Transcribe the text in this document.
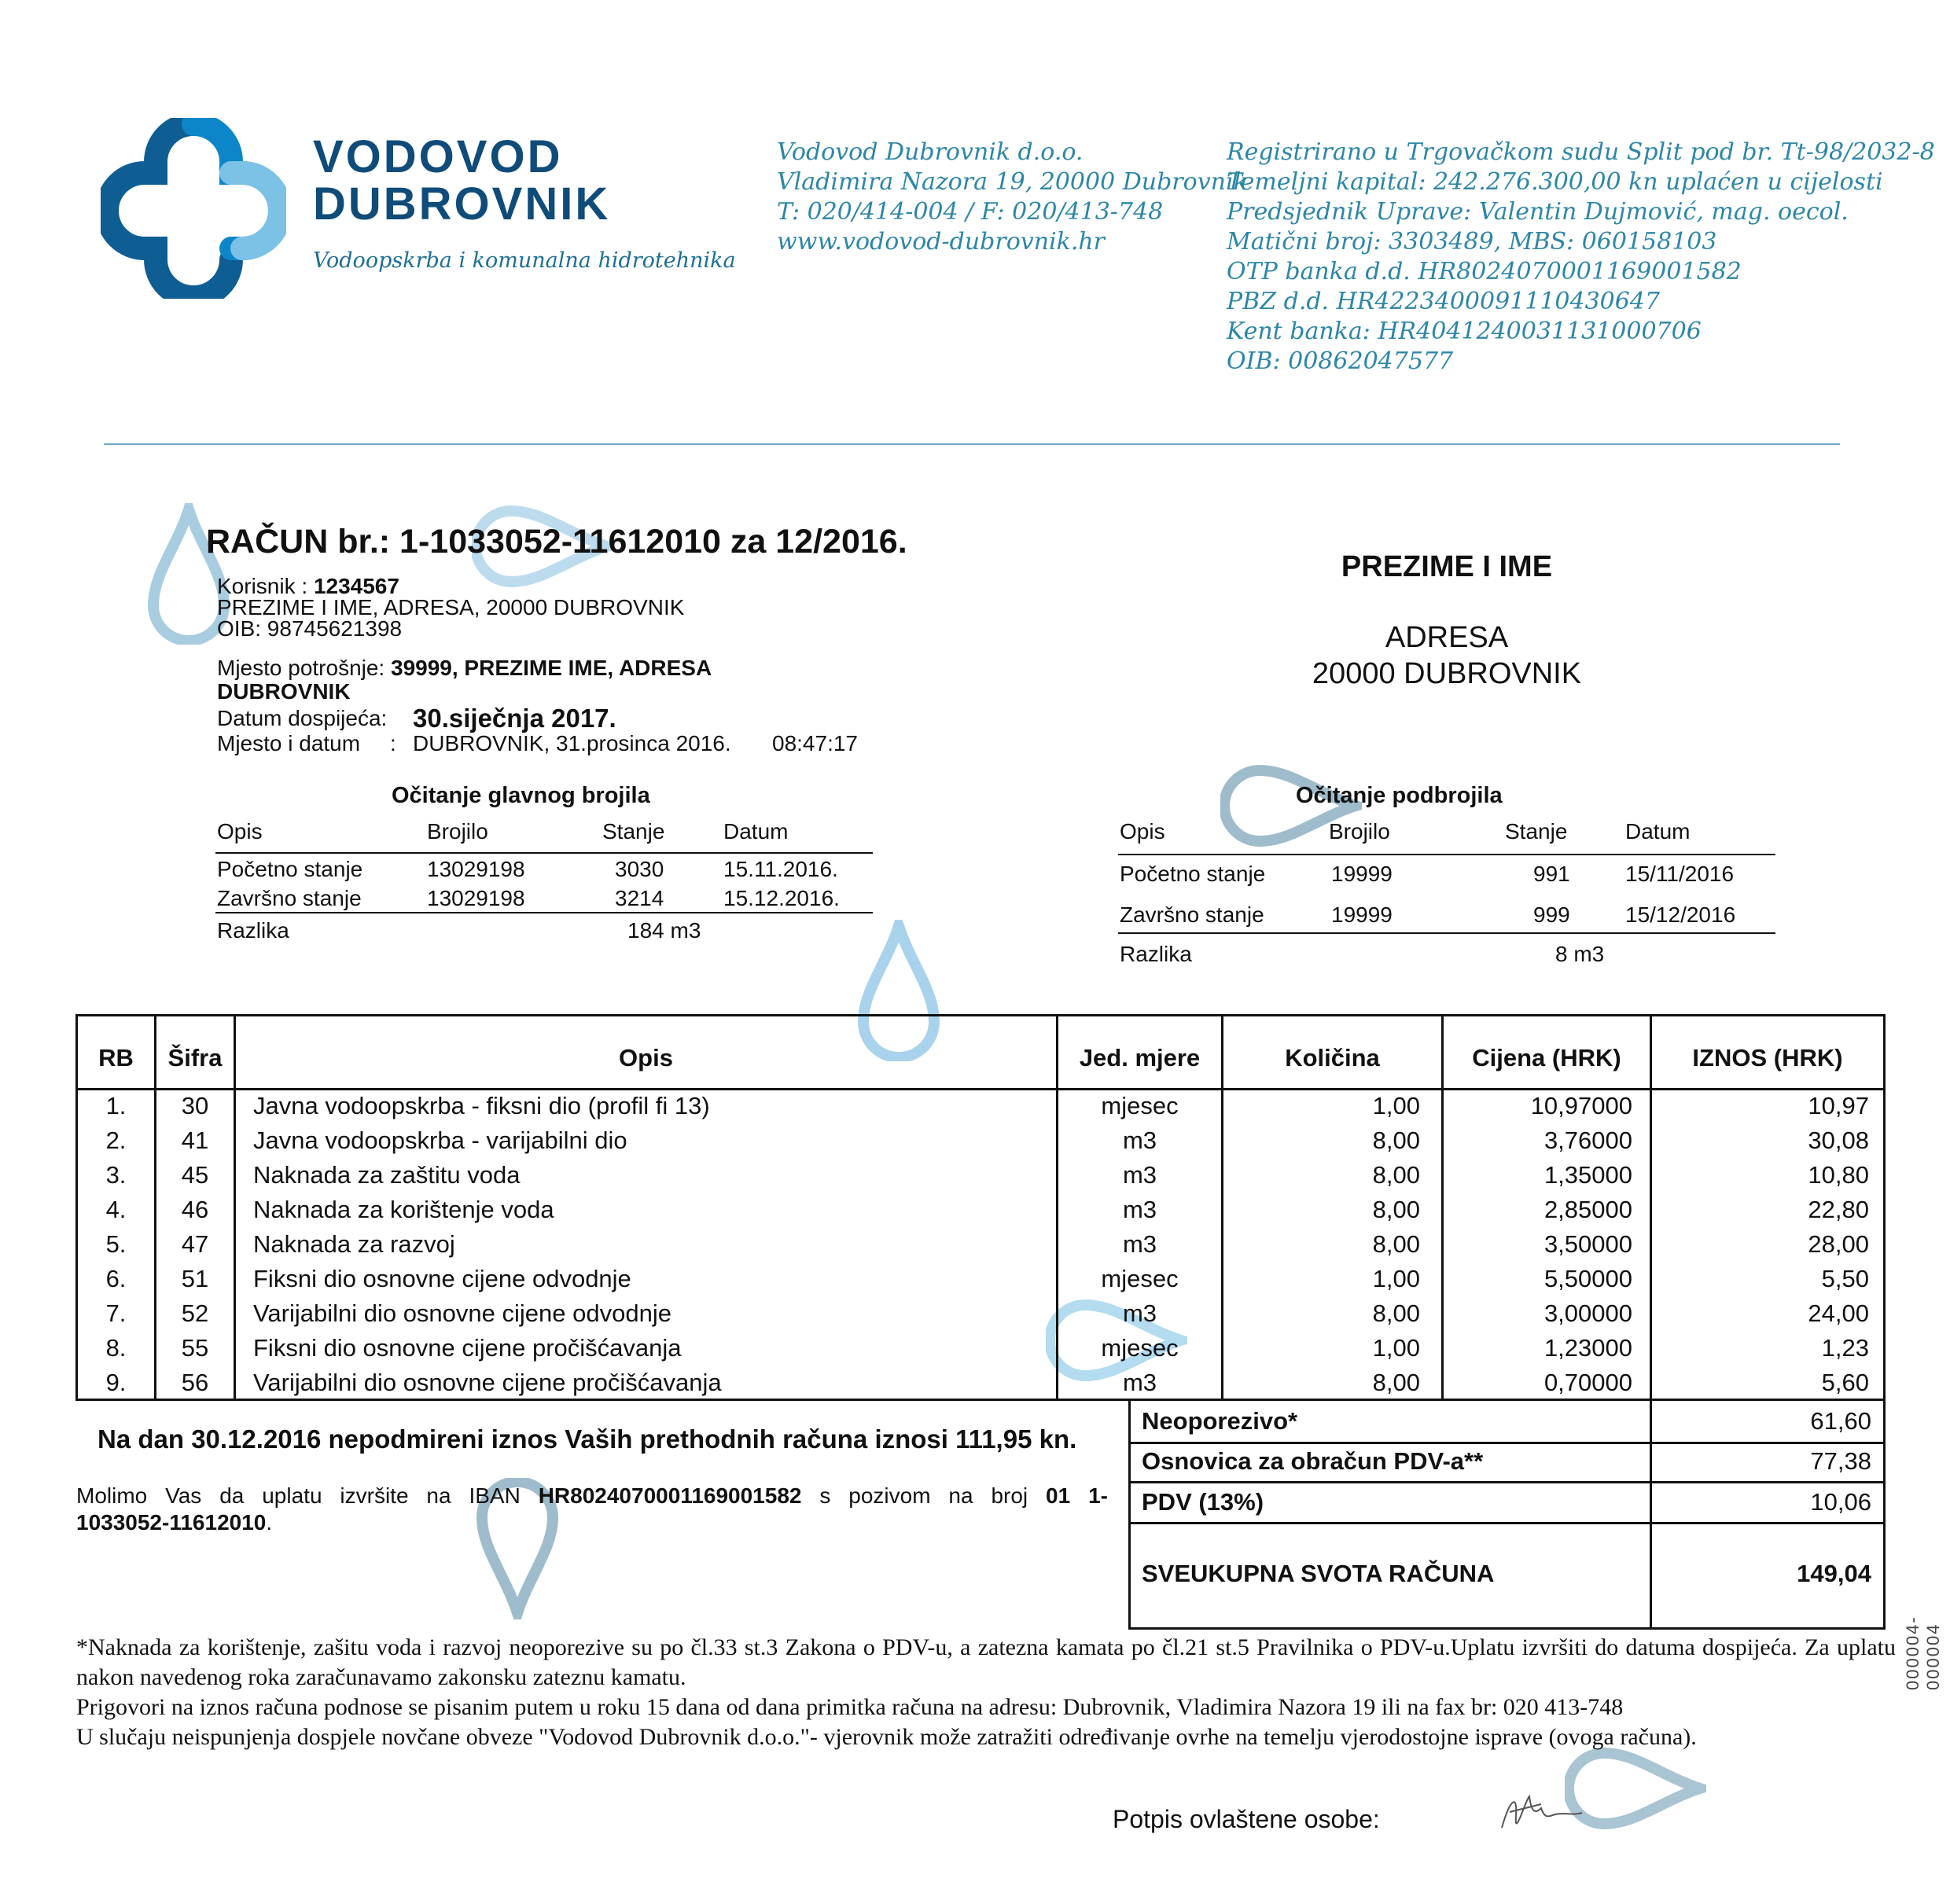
VODOVOD
DUBROVNIK
Vodoopskrba i komunalna hidrotehnika
Vodovod Dubrovnik d.o.o.
Vladimira Nazora 19, 20000 Dubrovnik
T: 020/414-004 / F: 020/413-748
www.vodovod-dubrovnik.hr
Registrirano u Trgovačkom sudu Split pod br. Tt-98/2032-8
Temeljni kapital: 242.276.300,00 kn uplaćen u cijelosti
Predsjednik Uprave: Valentin Dujmović, mag. oecol.
Matični broj: 3303489, MBS: 060158103
OTP banka d.d. HR8024070001169001582
PBZ d.d. HR4223400091110430647
Kent banka: HR4041240031131000706
OIB: 00862047577
RAČUN br.: 1-1033052-11612010 za 12/2016.
Korisnik : 1234567
PREZIME I IME, ADRESA, 20000 DUBROVNIK
OIB: 98745621398
Mjesto potrošnje: 39999, PREZIME IME, ADRESA
DUBROVNIK
Datum dospijeća: 30.siječnja 2017.
Mjesto i datum : DUBROVNIK, 31.prosinca 2016. 08:47:17
PREZIME I IME
ADRESA
20000 DUBROVNIK
Očitanje glavnog brojila
Opis	Brojilo	Stanje	Datum
Početno stanje	13029198	3030	15.11.2016.
Završno stanje	13029198	3214	15.12.2016.
Razlika	184 m3
Očitanje podbrojila
Opis	Brojilo	Stanje	Datum
Početno stanje	19999	991	15/11/2016
Završno stanje	19999	999	15/12/2016
Razlika	8 m3
RB	Šifra	Opis	Jed. mjere	Količina	Cijena (HRK)	IZNOS (HRK)
1.	30	Javna vodoopskrba - fiksni dio (profil fi 13)	mjesec	1,00	10,97000	10,97
2.	41	Javna vodoopskrba - varijabilni dio	m3	8,00	3,76000	30,08
3.	45	Naknada za zaštitu voda	m3	8,00	1,35000	10,80
4.	46	Naknada za korištenje voda	m3	8,00	2,85000	22,80
5.	47	Naknada za razvoj	m3	8,00	3,50000	28,00
6.	51	Fiksni dio osnovne cijene odvodnje	mjesec	1,00	5,50000	5,50
7.	52	Varijabilni dio osnovne cijene odvodnje	m3	8,00	3,00000	24,00
8.	55	Fiksni dio osnovne cijene pročišćavanja	mjesec	1,00	1,23000	1,23
9.	56	Varijabilni dio osnovne cijene pročišćavanja	m3	8,00	0,70000	5,60
Neoporezivo*	61,60
Osnovica za obračun PDV-a**	77,38
PDV (13%)	10,06
SVEUKUPNA SVOTA RAČUNA	149,04
Na dan 30.12.2016 nepodmireni iznos Vaših prethodnih računa iznosi 111,95 kn.
Molimo Vas da uplatu izvršite na IBAN HR8024070001169001582 s pozivom na broj 01 1-1033052-11612010.
*Naknada za korištenje, zašitu voda i razvoj neoporezive su po čl.33 st.3 Zakona o PDV-u, a zatezna kamata po čl.21 st.5 Pravilnika o PDV-u.Uplatu izvršiti do datuma dospijeća. Za uplatu nakon navedenog roka zaračunavamo zakonsku zateznu kamatu.
Prigovori na iznos računa podnose se pisanim putem u roku 15 dana od dana primitka računa na adresu: Dubrovnik, Vladimira Nazora 19 ili na fax br: 020 413-748
U slučaju neispunjenja dospjele novčane obveze "Vodovod Dubrovnik d.o.o."- vjerovnik može zatražiti određivanje ovrhe na temelju vjerodostojne isprave (ovoga računa).
Potpis ovlaštene osobe:
000004-000004
